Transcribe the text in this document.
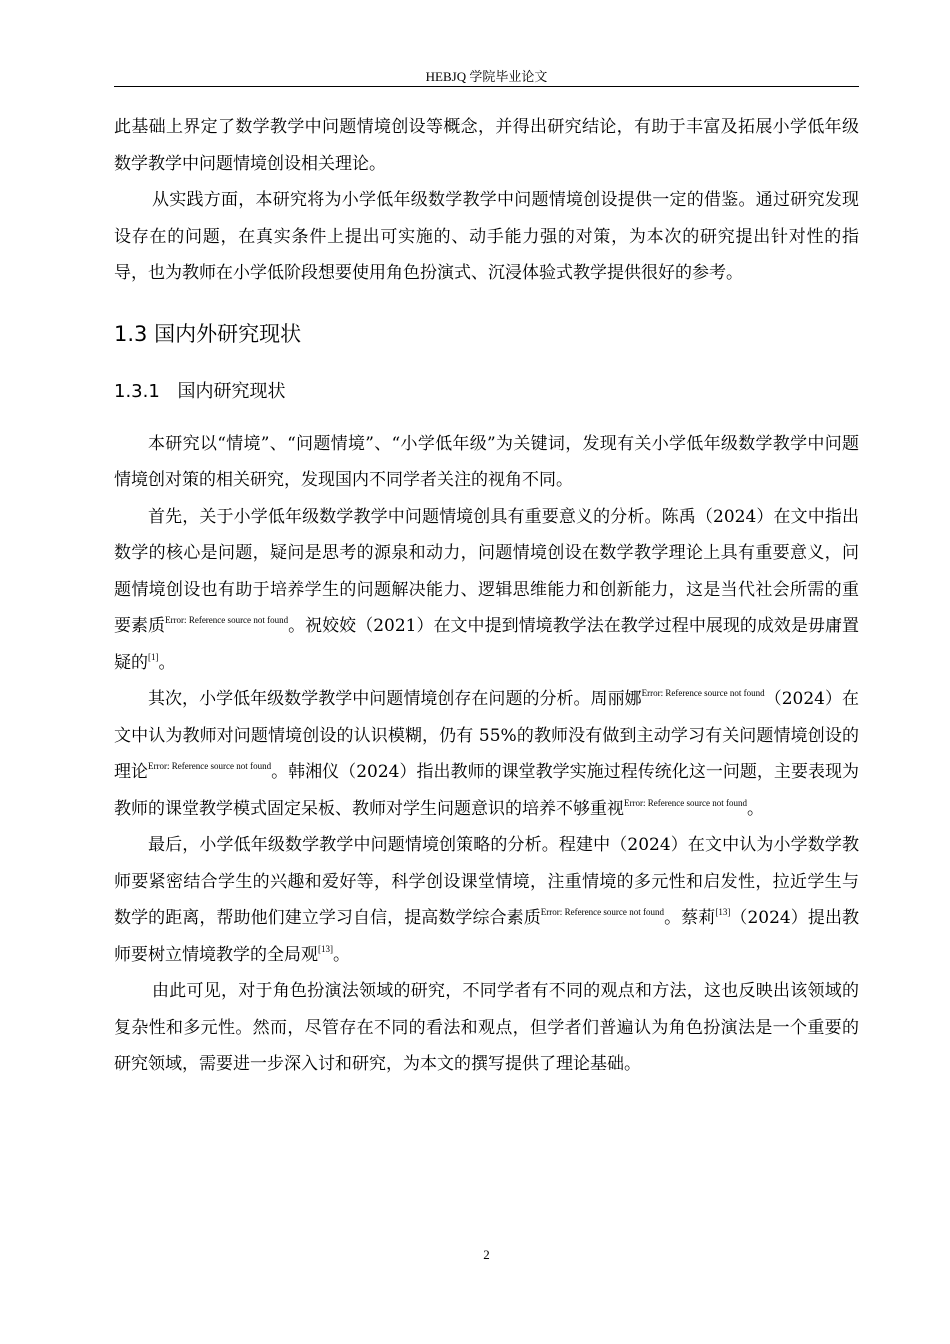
HEBJQ 学院毕业论文

此基础上界定了数学教学中问题情境创设等概念，并得出研究结论，有助于丰富及拓展小学低年级数学教学中问题情境创设相关理论。

从实践方面，本研究将为小学低年级数学教学中问题情境创设提供一定的借鉴。通过研究发现设存在的问题，在真实条件上提出可实施的、动手能力强的对策，为本次的研究提出针对性的指导，也为教师在小学低阶段想要使用角色扮演式、沉浸体验式教学提供很好的参考。

1.3 国内外研究现状
1.3.1 国内研究现状

本研究以“情境”、“问题情境”、“小学低年级”为关键词，发现有关小学低年级数学教学中问题情境创对策的相关研究，发现国内不同学者关注的视角不同。

首先，关于小学低年级数学教学中问题情境创具有重要意义的分析。陈禹（2024）在文中指出数学的核心是问题，疑问是思考的源泉和动力，问题情境创设在数学教学理论上具有重要意义，问题情境创设也有助于培养学生的问题解决能力、逻辑思维能力和创新能力，这是当代社会所需的重要素质$^{Error: Reference source not found}$。祝姣姣（2021）在文中提到情境教学法在教学过程中展现的成效是毋庸置疑的[1]。

其次，小学低年级数学教学中问题情境创存在问题的分析。周丽娜$^{Error: Reference source not found}$（2024）在文中认为教师对问题情境创设的认识模糊，仍有 55%的教师没有做到主动学习有关问题情境创设的理论$^{Error: Reference source not found}$。韩湘仪（2024）指出教师的课堂教学实施过程传统化这一问题，主要表现为教师的课堂教学模式固定呆板、教师对学生问题意识的培养不够重视$^{Error: Reference source not found}$。

最后，小学低年级数学教学中问题情境创策略的分析。程建中（2024）在文中认为小学数学教师要紧密结合学生的兴趣和爱好等，科学创设课堂情境，注重情境的多元性和启发性，拉近学生与数学的距离，帮助他们建立学习自信，提高数学综合素质$^{Error: Reference source not found}$。蔡莉[13]（2024）提出教师要树立情境教学的全局观[13]。

由此可见，对于角色扮演法领域的研究，不同学者有不同的观点和方法，这也反映出该领域的复杂性和多元性。然而，尽管存在不同的看法和观点，但学者们普遍认为角色扮演法是一个重要的研究领域，需要进一步深入讨和研究，为本文的撰写提供了理论基础。

2
